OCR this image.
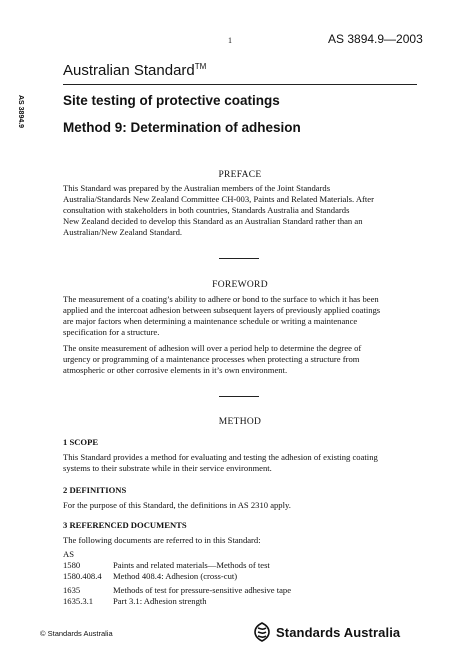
1	AS 3894.9—2003
AS 3894.9
Australian Standard™
Site testing of protective coatings
Method 9: Determination of adhesion
PREFACE
This Standard was prepared by the Australian members of the Joint Standards
Australia/Standards New Zealand Committee CH-003, Paints and Related Materials. After
consultation with stakeholders in both countries, Standards Australia and Standards
New Zealand decided to develop this Standard as an Australian Standard rather than an
Australian/New Zealand Standard.
FOREWORD
The measurement of a coating’s ability to adhere or bond to the surface to which it has been
applied and the intercoat adhesion between subsequent layers of previously applied coatings
are major factors when determining a maintenance schedule or writing a maintenance
specification for a structure.
The onsite measurement of adhesion will over a period help to determine the degree of
urgency or programming of a maintenance processes when protecting a structure from
atmospheric or other corrosive elements in it’s own environment.
METHOD
1 SCOPE
This Standard provides a method for evaluating and testing the adhesion of existing coating
systems to their substrate while in their service environment.
2 DEFINITIONS
For the purpose of this Standard, the definitions in AS 2310 apply.
3 REFERENCED DOCUMENTS
The following documents are referred to in this Standard:
AS
1580	Paints and related materials—Methods of test
1580.408.4 Method 408.4: Adhesion (cross-cut)
1635	Methods of test for pressure-sensitive adhesive tape
1635.3.1 Part 3.1: Adhesion strength
© Standards Australia	Standards Australia
